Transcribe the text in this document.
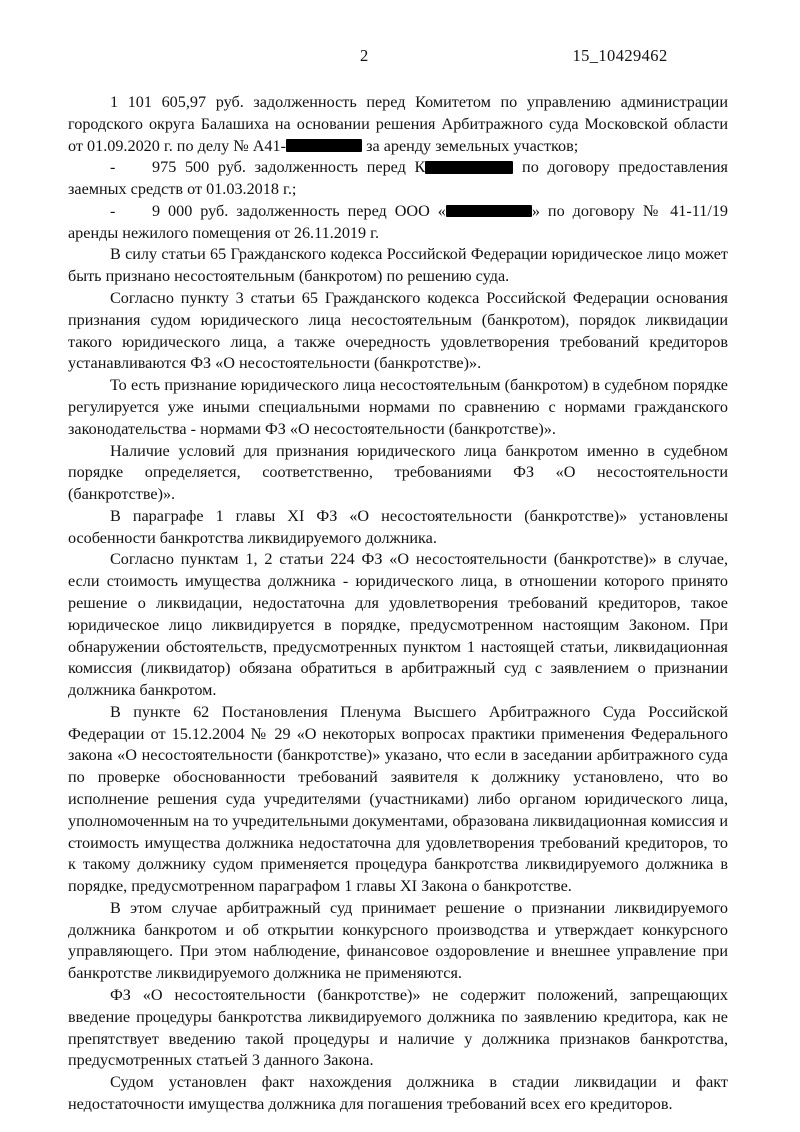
2	15_10429462

1 101 605,97 руб. задолженность перед Комитетом по управлению администрации городского округа Балашиха на основании решения Арбитражного суда Московской области от 01.09.2020 г. по делу № А41-	за аренду земельных участков;

- 975 500 руб. задолженность перед К	по договору предоставления заемных средств от 01.03.2018 г.;

- 9 000 руб. задолженность перед ООО «	» по договору № 41-11/19 аренды нежилого помещения от 26.11.2019 г.

В силу статьи 65 Гражданского кодекса Российской Федерации юридическое лицо может быть признано несостоятельным (банкротом) по решению суда.

Согласно пункту 3 статьи 65 Гражданского кодекса Российской Федерации основания признания судом юридического лица несостоятельным (банкротом), порядок ликвидации такого юридического лица, а также очередность удовлетворения требований кредиторов устанавливаются ФЗ «О несостоятельности (банкротстве)».

То есть признание юридического лица несостоятельным (банкротом) в судебном порядке регулируется уже иными специальными нормами по сравнению с нормами гражданского законодательства - нормами ФЗ «О несостоятельности (банкротстве)».

Наличие условий для признания юридического лица банкротом именно в судебном порядке определяется, соответственно, требованиями ФЗ «О несостоятельности (банкротстве)».

В параграфе 1 главы XI ФЗ «О несостоятельности (банкротстве)» установлены особенности банкротства ликвидируемого должника.

Согласно пунктам 1, 2 статьи 224 ФЗ «О несостоятельности (банкротстве)» в случае, если стоимость имущества должника - юридического лица, в отношении которого принято решение о ликвидации, недостаточна для удовлетворения требований кредиторов, такое юридическое лицо ликвидируется в порядке, предусмотренном настоящим Законом. При обнаружении обстоятельств, предусмотренных пунктом 1 настоящей статьи, ликвидационная комиссия (ликвидатор) обязана обратиться в арбитражный суд с заявлением о признании должника банкротом.

В пункте 62 Постановления Пленума Высшего Арбитражного Суда Российской Федерации от 15.12.2004 № 29 «О некоторых вопросах практики применения Федерального закона «О несостоятельности (банкротстве)» указано, что если в заседании арбитражного суда по проверке обоснованности требований заявителя к должнику установлено, что во исполнение решения суда учредителями (участниками) либо органом юридического лица, уполномоченным на то учредительными документами, образована ликвидационная комиссия и стоимость имущества должника недостаточна для удовлетворения требований кредиторов, то к такому должнику судом применяется процедура банкротства ликвидируемого должника в порядке, предусмотренном параграфом 1 главы XI Закона о банкротстве.

В этом случае арбитражный суд принимает решение о признании ликвидируемого должника банкротом и об открытии конкурсного производства и утверждает конкурсного управляющего. При этом наблюдение, финансовое оздоровление и внешнее управление при банкротстве ликвидируемого должника не применяются.

ФЗ «О несостоятельности (банкротстве)» не содержит положений, запрещающих введение процедуры банкротства ликвидируемого должника по заявлению кредитора, как не препятствует введению такой процедуры и наличие у должника признаков банкротства, предусмотренных статьей 3 данного Закона.

Судом установлен факт нахождения должника в стадии ликвидации и факт недостаточности имущества должника для погашения требований всех его кредиторов.
